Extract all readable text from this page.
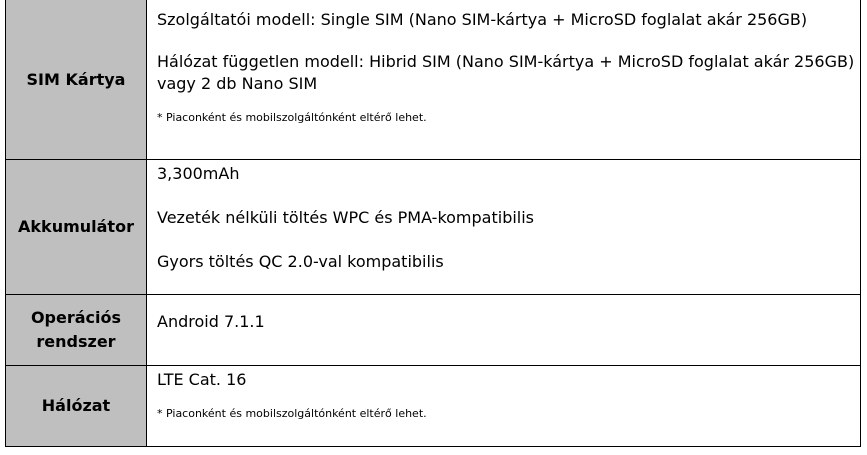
SIM Kártya	Szolgáltatói modell: Single SIM (Nano SIM-kártya + MicroSD foglalat akár 256GB)

Hálózat független modell: Hibrid SIM (Nano SIM-kártya + MicroSD foglalat akár 256GB) vagy 2 db Nano SIM

* Piaconként és mobilszolgáltónként eltérő lehet.

Akkumulátor	3,300mAh

Vezeték nélküli töltés WPC és PMA-kompatibilis

Gyors töltés QC 2.0-val kompatibilis

Operációs
rendszer	Android 7.1.1

Hálózat	LTE Cat. 16

* Piaconként és mobilszolgáltónként eltérő lehet.
